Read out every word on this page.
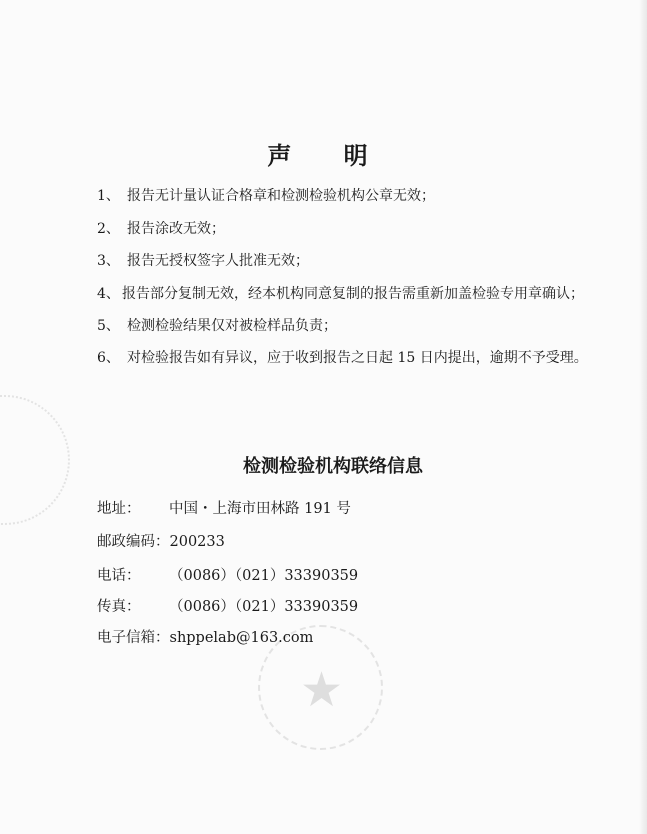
★
声 明
1、 报告无计量认证合格章和检测检验机构公章无效；
2、 报告涂改无效；
3、 报告无授权签字人批准无效；
4、 报告部分复制无效，经本机构同意复制的报告需重新加盖检验专用章确认；
5、 检测检验结果仅对被检样品负责；
6、 对检验报告如有异议，应于收到报告之日起 15 日内提出，逾期不予受理。
检测检验机构联络信息
地址： 中国・上海市田林路 191 号
邮政编码：200233
电话： （0086）（021）33390359
传真： （0086）（021）33390359
电子信箱：shppelab@163.com
